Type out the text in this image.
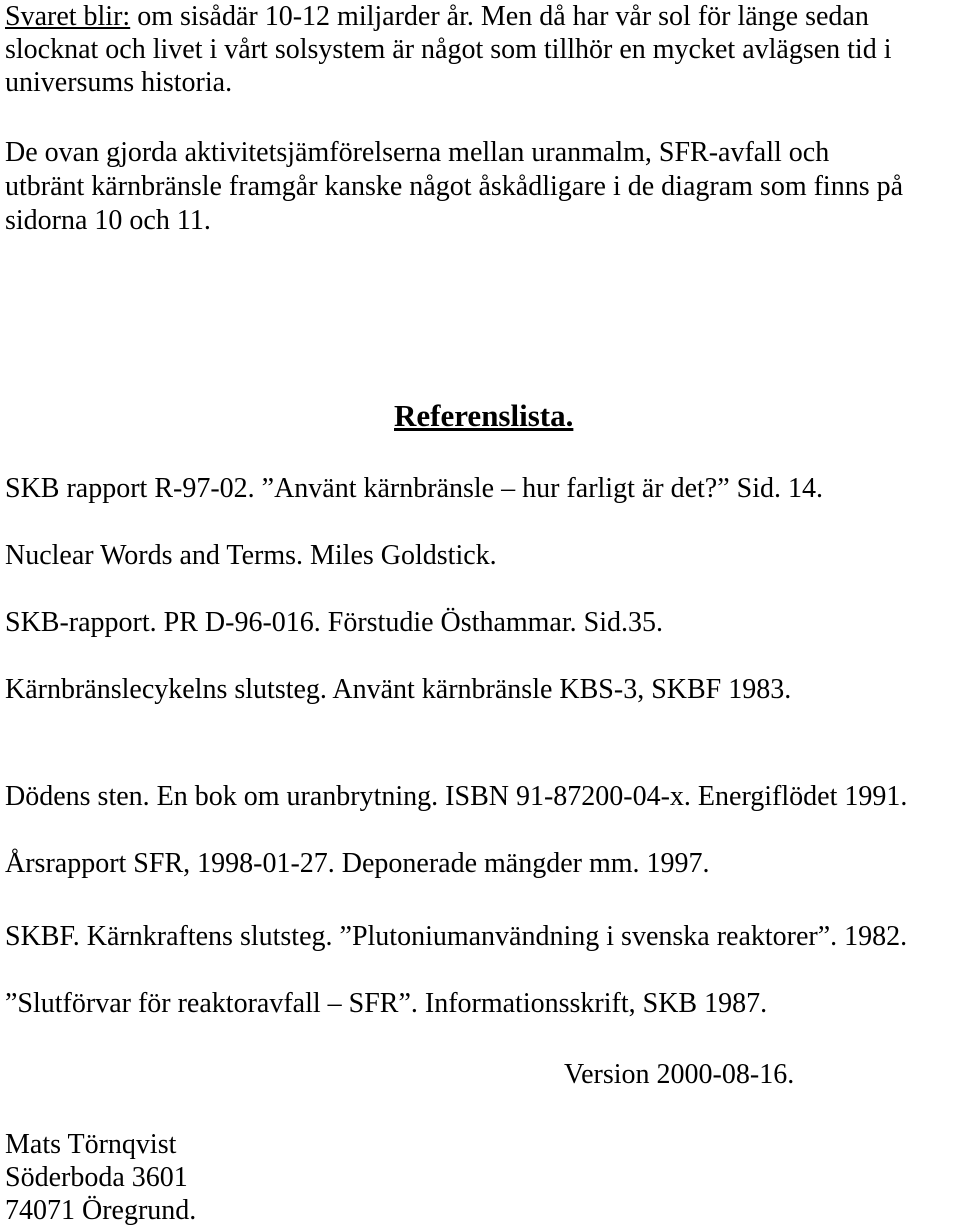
Svaret blir: om sisådär 10-12 miljarder år. Men då har vår sol för länge sedan

slocknat och livet i vårt solsystem är något som tillhör en mycket avlägsen tid i

universums historia.

De ovan gjorda aktivitetsjämförelserna mellan uranmalm, SFR-avfall och

utbränt kärnbränsle framgår kanske något åskådligare i de diagram som finns på

sidorna 10 och 11.

Referenslista.

SKB rapport R-97-02. ”Använt kärnbränsle – hur farligt är det?” Sid. 14.

Nuclear Words and Terms. Miles Goldstick.

SKB-rapport. PR D-96-016. Förstudie Östhammar. Sid.35.

Kärnbränslecykelns slutsteg. Använt kärnbränsle KBS-3, SKBF 1983.

Dödens sten. En bok om uranbrytning. ISBN 91-87200-04-x. Energiflödet 1991.

Årsrapport SFR, 1998-01-27. Deponerade mängder mm. 1997.

SKBF. Kärnkraftens slutsteg. ”Plutoniumanvändning i svenska reaktorer”. 1982.

”Slutförvar för reaktoravfall – SFR”. Informationsskrift, SKB 1987.

Version 2000-08-16.

Mats Törnqvist

Söderboda 3601

74071 Öregrund.
